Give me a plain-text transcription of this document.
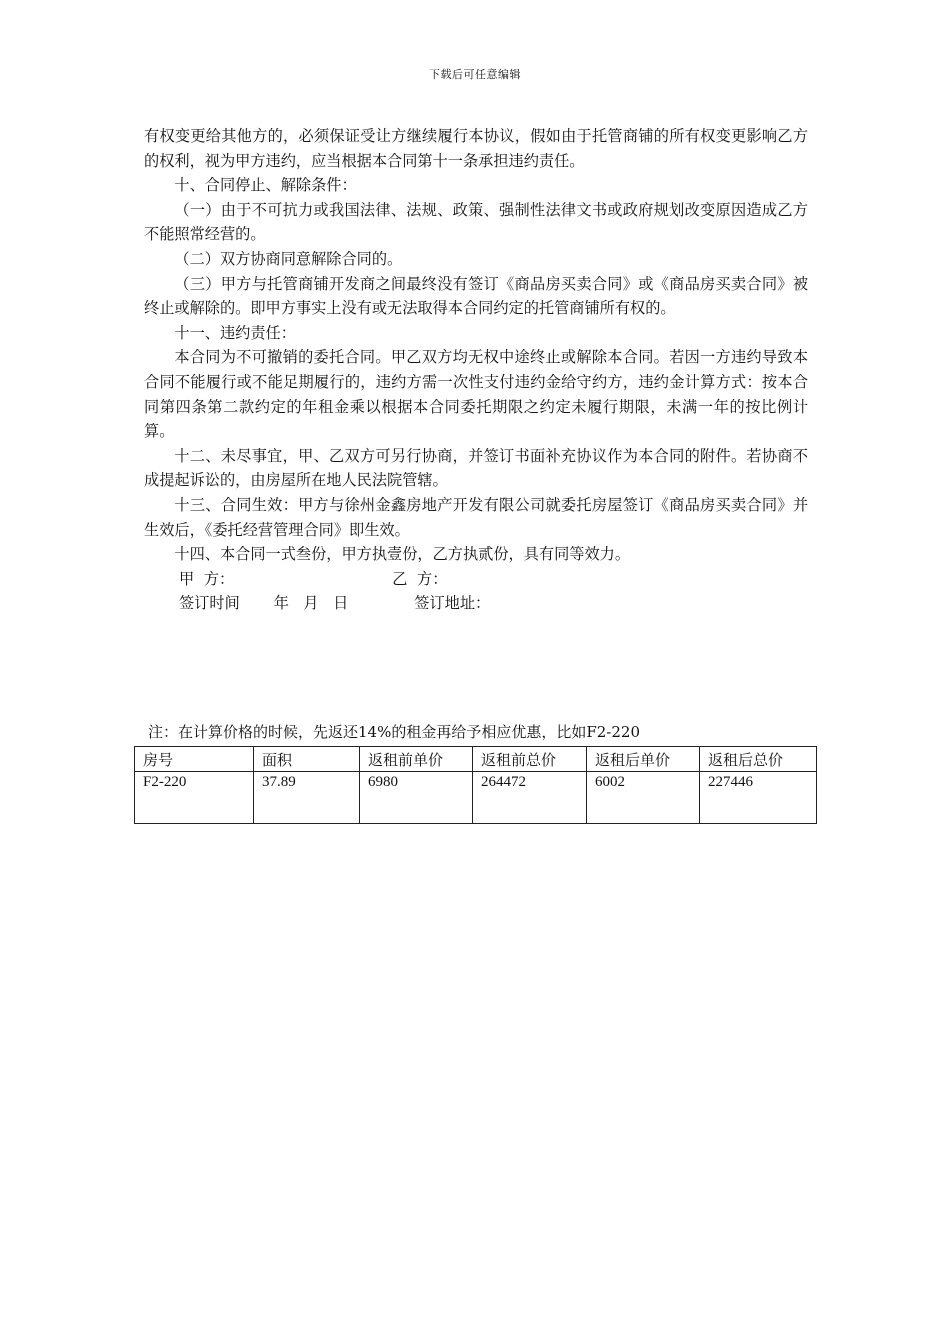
下载后可任意编辑

有权变更给其他方的，必须保证受让方继续履行本协议，假如由于托管商铺的所有权变更影响乙方的权利，视为甲方违约，应当根据本合同第十一条承担违约责任。

十、合同停止、解除条件：

（一）由于不可抗力或我国法律、法规、政策、强制性法律文书或政府规划改变原因造成乙方不能照常经营的。

（二）双方协商同意解除合同的。

（三）甲方与托管商铺开发商之间最终没有签订《商品房买卖合同》或《商品房买卖合同》被终止或解除的。即甲方事实上没有或无法取得本合同约定的托管商铺所有权的。

十一、违约责任：

本合同为不可撤销的委托合同。甲乙双方均无权中途终止或解除本合同。若因一方违约导致本合同不能履行或不能足期履行的，违约方需一次性支付违约金给守约方，违约金计算方式：按本合同第四条第二款约定的年租金乘以根据本合同委托期限之约定未履行期限，未满一年的按比例计算。

十二、未尽事宜，甲、乙双方可另行协商，并签订书面补充协议作为本合同的附件。若协商不成提起诉讼的，由房屋所在地人民法院管辖。

十三、合同生效：甲方与徐州金鑫房地产开发有限公司就委托房屋签订《商品房买卖合同》并生效后，《委托经营管理合同》即生效。

十四、本合同一式叁份，甲方执壹份，乙方执贰份，具有同等效力。

甲  方：	乙  方：

签订时间 年   月   日	签订地址：

注：在计算价格的时候，先返还14%的租金再给予相应优惠，比如F2-220
房号	面积	返租前单价	返租前总价	返租后单价	返租后总价
F2-220	37.89	6980	264472	6002	227446
